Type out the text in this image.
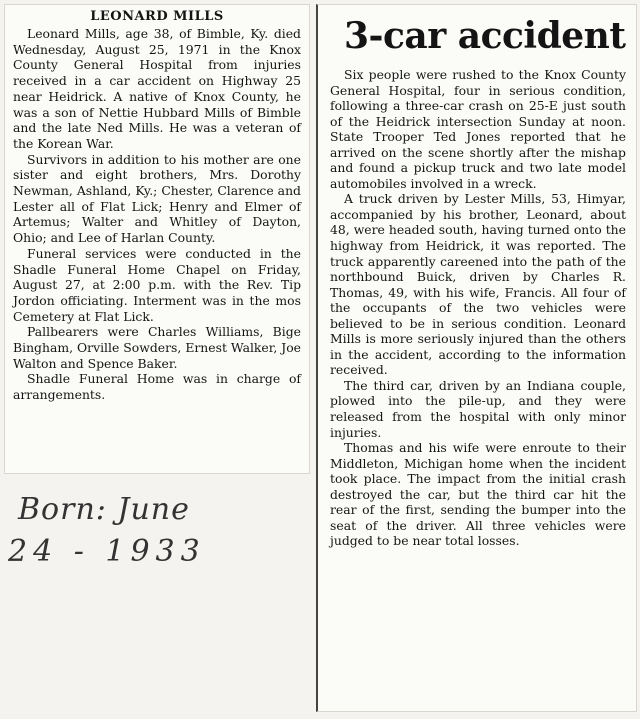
LEONARD MILLS

Leonard Mills, age 38, of Bimble, Ky. died Wednesday, August 25, 1971 in the Knox County General Hospital from injuries received in a car accident on Highway 25 near Heidrick. A native of Knox County, he was a son of Nettie Hubbard Mills of Bimble and the late Ned Mills. He was a veteran of the Korean War.

Survivors in addition to his mother are one sister and eight brothers, Mrs. Dorothy Newman, Ashland, Ky.; Chester, Clarence and Lester all of Flat Lick; Henry and Elmer of Artemus; Walter and Whitley of Dayton, Ohio; and Lee of Harlan County.

Funeral services were conducted in the Shadle Funeral Home Chapel on Friday, August 27, at 2:00 p.m. with the Rev. Tip Jordon officiating. Interment was in the mos Cemetery at Flat Lick.

Pallbearers were Charles Williams, Bige Bingham, Orville Sowders, Ernest Walker, Joe Walton and Spence Baker.

Shadle Funeral Home was in charge of arrangements.

Born: June
24 - 1933
3-car accident

Six people were rushed to the Knox County General Hospital, four in serious condition, following a three-car crash on 25-E just south of the Heidrick intersection Sunday at noon. State Trooper Ted Jones reported that he arrived on the scene shortly after the mishap and found a pickup truck and two late model automobiles involved in a wreck.

A truck driven by Lester Mills, 53, Himyar, accompanied by his brother, Leonard, about 48, were headed south, having turned onto the highway from Heidrick, it was reported. The truck apparently careened into the path of the northbound Buick, driven by Charles R. Thomas, 49, with his wife, Francis. All four of the occupants of the two vehicles were believed to be in serious condition. Leonard Mills is more seriously injured than the others in the accident, according to the information received.

The third car, driven by an Indiana couple, plowed into the pile-up, and they were released from the hospital with only minor injuries.

Thomas and his wife were enroute to their Middleton, Michigan home when the incident took place. The impact from the initial crash destroyed the car, but the third car hit the rear of the first, sending the bumper into the seat of the driver. All three vehicles were judged to be near total losses.
